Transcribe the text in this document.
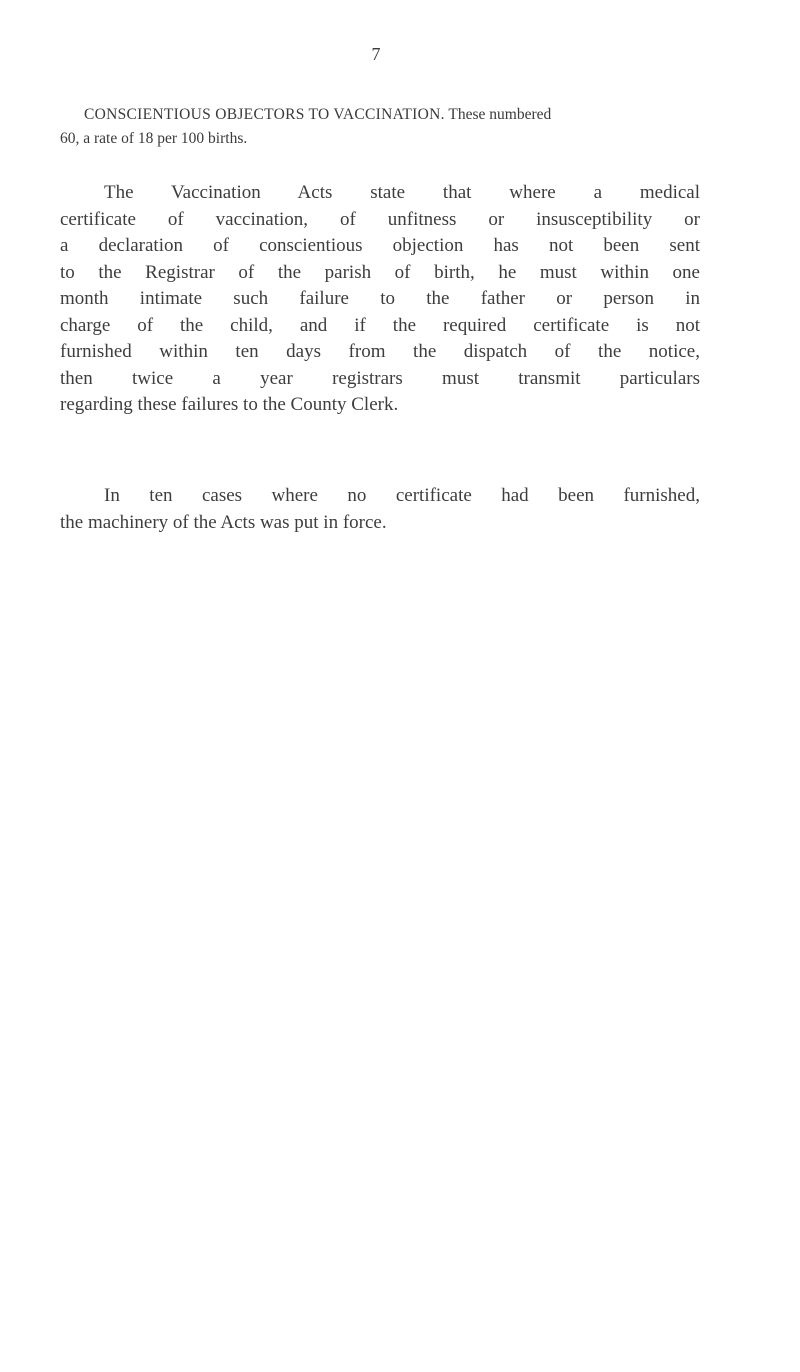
7
CONSCIENTIOUS OBJECTORS TO VACCINATION. These numbered
60, a rate of 18 per 100 births.
The Vaccination Acts state that where a medical
certificate of vaccination, of unfitness or insusceptibility or
a declaration of conscientious objection has not been sent
to the Registrar of the parish of birth, he must within one
month intimate such failure to the father or person in
charge of the child, and if the required certificate is not
furnished within ten days from the dispatch of the notice,
then twice a year registrars must transmit particulars
regarding these failures to the County Clerk.
In ten cases where no certificate had been furnished,
the machinery of the Acts was put in force.
